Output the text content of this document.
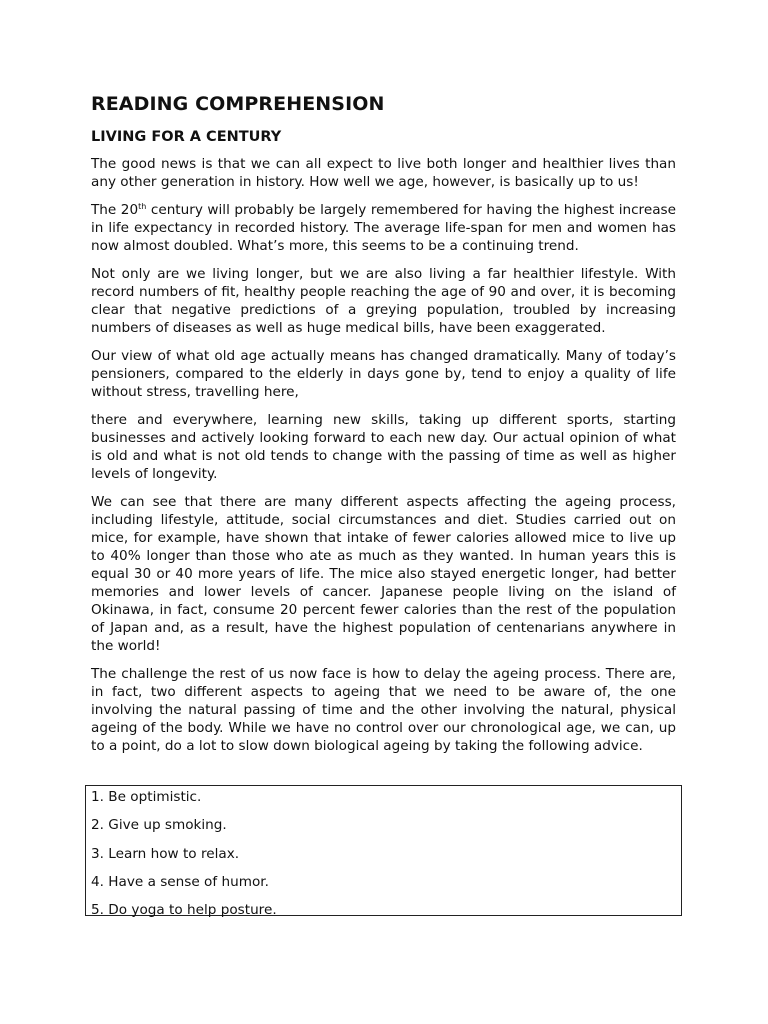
READING COMPREHENSION
LIVING FOR A CENTURY

The good news is that we can all expect to live both longer and healthier lives than any other generation in history. How well we age, however, is basically up to us!

The 20th century will probably be largely remembered for having the highest increase in life expectancy in recorded history. The average life-span for men and women has now almost doubled. What’s more, this seems to be a continuing trend.

Not only are we living longer, but we are also living a far healthier lifestyle. With record numbers of fit, healthy people reaching the age of 90 and over, it is becoming clear that negative predictions of a greying population, troubled by increasing numbers of diseases as well as huge medical bills, have been exaggerated.

Our view of what old age actually means has changed dramatically. Many of today’s pensioners, compared to the elderly in days gone by, tend to enjoy a quality of life without stress, travelling here,

there and everywhere, learning new skills, taking up different sports, starting businesses and actively looking forward to each new day. Our actual opinion of what is old and what is not old tends to change with the passing of time as well as higher levels of longevity.

We can see that there are many different aspects affecting the ageing process, including lifestyle, attitude, social circumstances and diet. Studies carried out on mice, for example, have shown that intake of fewer calories allowed mice to live up to 40% longer than those who ate as much as they wanted. In human years this is equal 30 or 40 more years of life. The mice also stayed energetic longer, had better memories and lower levels of cancer. Japanese people living on the island of Okinawa, in fact, consume 20 percent fewer calories than the rest of the population of Japan and, as a result, have the highest population of centenarians anywhere in the world!

The challenge the rest of us now face is how to delay the ageing process. There are, in fact, two different aspects to ageing that we need to be aware of, the one involving the natural passing of time and the other involving the natural, physical ageing of the body. While we have no control over our chronological age, we can, up to a point, do a lot to slow down biological ageing by taking the following advice.

1. Be optimistic.
2. Give up smoking.
3. Learn how to relax.
4. Have a sense of humor.
5. Do yoga to help posture.
